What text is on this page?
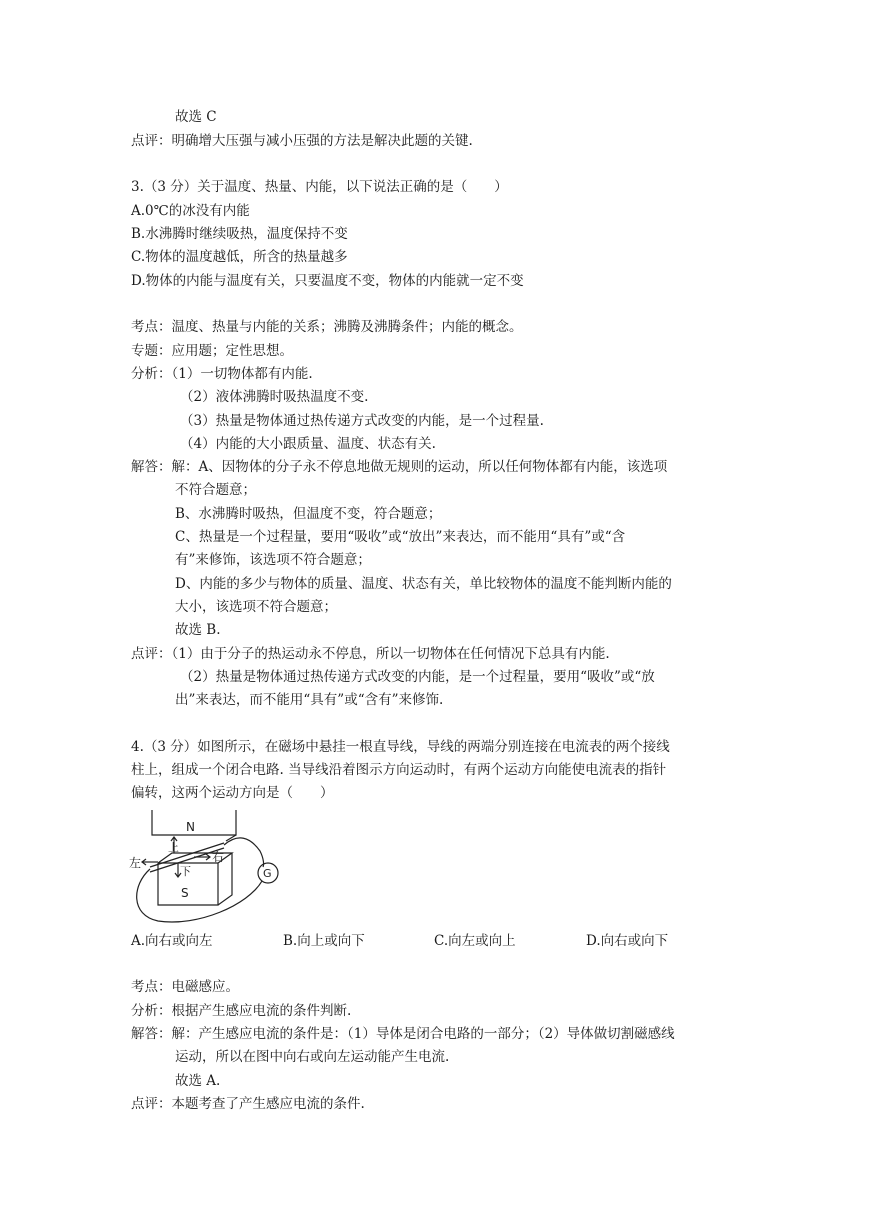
故选 C
点评：明确增大压强与减小压强的方法是解决此题的关键.
3.（3 分）关于温度、热量、内能，以下说法正确的是（　　）
A.0℃的冰没有内能
B.水沸腾时继续吸热，温度保持不变
C.物体的温度越低，所含的热量越多
D.物体的内能与温度有关，只要温度不变，物体的内能就一定不变
考点：温度、热量与内能的关系；沸腾及沸腾条件；内能的概念。
专题：应用题；定性思想。
分析：（1）一切物体都有内能.
（2）液体沸腾时吸热温度不变.
（3）热量是物体通过热传递方式改变的内能，是一个过程量.
（4）内能的大小跟质量、温度、状态有关.
解答：解：A、因物体的分子永不停息地做无规则的运动，所以任何物体都有内能，该选项
不符合题意；
B、水沸腾时吸热，但温度不变，符合题意；
C、热量是一个过程量，要用“吸收”或“放出”来表达，而不能用“具有”或“含
有”来修饰，该选项不符合题意；
D、内能的多少与物体的质量、温度、状态有关，单比较物体的温度不能判断内能的
大小，该选项不符合题意；
故选 B.
点评：（1）由于分子的热运动永不停息，所以一切物体在任何情况下总具有内能.
（2）热量是物体通过热传递方式改变的内能，是一个过程量，要用“吸收”或“放
出”来表达，而不能用“具有”或“含有”来修饰.
4.（3 分）如图所示，在磁场中悬挂一根直导线，导线的两端分别连接在电流表的两个接线
柱上，组成一个闭合电路. 当导线沿着图示方向运动时，有两个运动方向能使电流表的指针
偏转，这两个运动方向是（　　）
N
S
上
下
左	右
G
A.向右或向左	B.向上或向下	C.向左或向上	D.向右或向下
考点：电磁感应。
分析：根据产生感应电流的条件判断.
解答：解：产生感应电流的条件是：（1）导体是闭合电路的一部分；（2）导体做切割磁感线
运动，所以在图中向右或向左运动能产生电流.
故选 A.
点评：本题考查了产生感应电流的条件.
